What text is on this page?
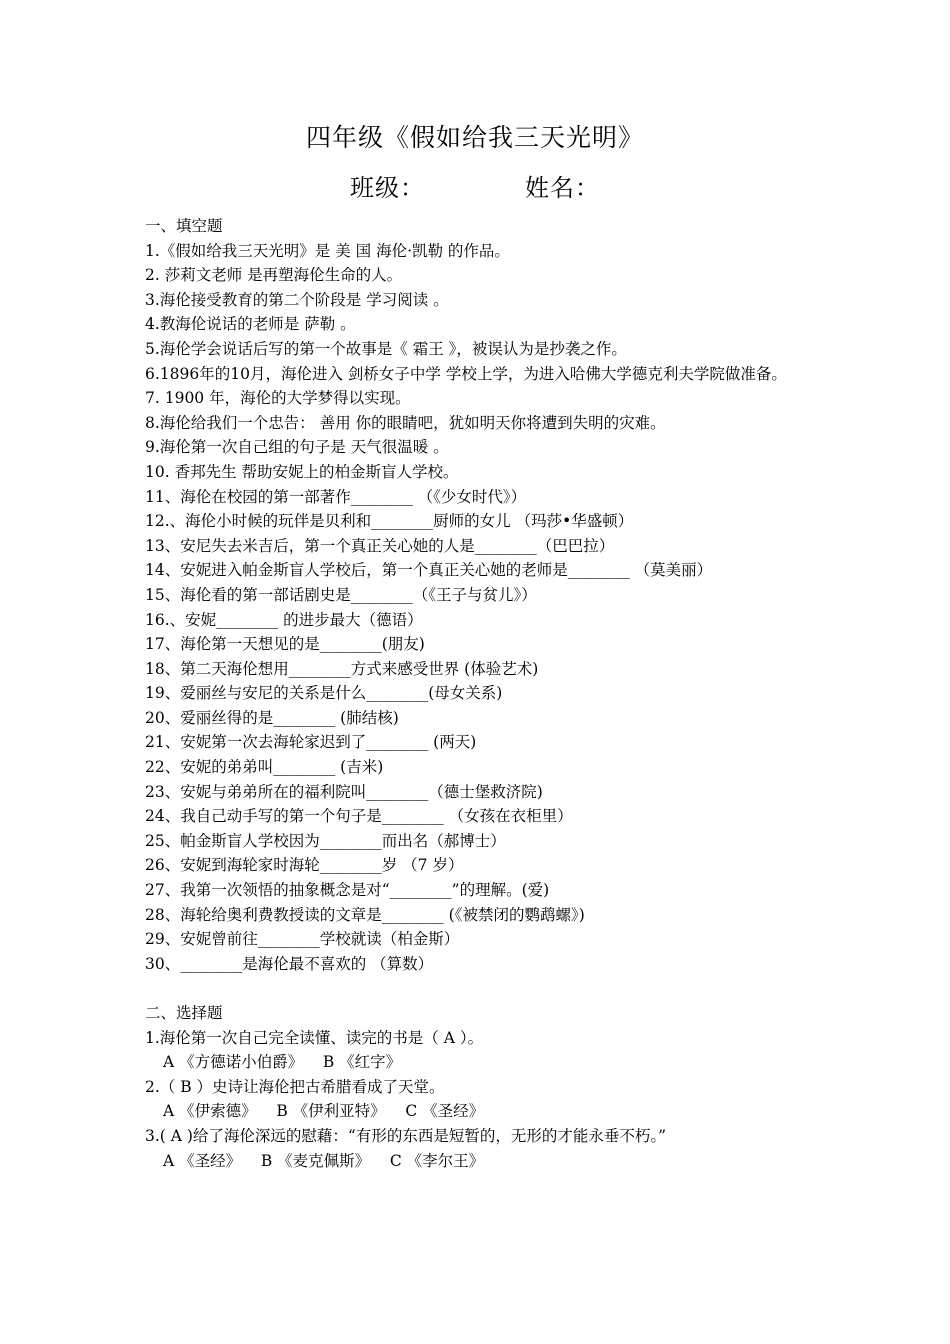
四年级《假如给我三天光明》
班级：	姓名：
一、填空题
1.《假如给我三天光明》是 美 国 海伦·凯勒 的作品。
2. 莎莉文老师 是再塑海伦生命的人。
3.海伦接受教育的第二个阶段是 学习阅读 。
4.教海伦说话的老师是 萨勒 。
5.海伦学会说话后写的第一个故事是《 霜王 》，被误认为是抄袭之作。
6.1896年的10月，海伦进入 剑桥女子中学 学校上学，为进入哈佛大学德克利夫学院做准备。
7. 1900 年，海伦的大学梦得以实现。
8.海伦给我们一个忠告： 善用 你的眼睛吧，犹如明天你将遭到失明的灾难。
9.海伦第一次自己组的句子是 天气很温暖 。
10. 香邦先生 帮助安妮上的柏金斯盲人学校。
11、海伦在校园的第一部著作________ （《少女时代》）
12.、海伦小时候的玩伴是贝利和________厨师的女儿 （玛莎•华盛顿）
13、安尼失去米吉后，第一个真正关心她的人是________（巴巴拉）
14、安妮进入帕金斯盲人学校后，第一个真正关心她的老师是________ （莫美丽）
15、海伦看的第一部话剧史是________（《王子与贫儿》）
16.、安妮________ 的进步最大（德语）
17、海伦第一天想见的是________(朋友)
18、第二天海伦想用________方式来感受世界 (体验艺术)
19、爱丽丝与安尼的关系是什么________(母女关系)
20、爱丽丝得的是________ (肺结核)
21、安妮第一次去海轮家迟到了________ (两天)
22、安妮的弟弟叫________ (吉米)
23、安妮与弟弟所在的福利院叫________（德士堡救济院)
24、我自己动手写的第一个句子是________ （女孩在衣柜里）
25、帕金斯盲人学校因为________而出名（郝博士）
26、安妮到海轮家时海轮________岁 （7 岁）
27、我第一次领悟的抽象概念是对“________”的理解。(爱)
28、海轮给奥利费教授读的文章是________ (《被禁闭的鹦鹉螺》)
29、安妮曾前往________学校就读（柏金斯）
30、________是海伦最不喜欢的 （算数）
二、选择题
1.海伦第一次自己完全读懂、读完的书是（ A ）。
A 《方德诺小伯爵》    B 《红字》
2.（ B ）史诗让海伦把古希腊看成了天堂。
A 《伊索德》    B 《伊利亚特》    C 《圣经》
3.( A )给了海伦深远的慰藉：“有形的东西是短暂的，无形的才能永垂不朽。”
A 《圣经》    B 《麦克佩斯》    C 《李尔王》
